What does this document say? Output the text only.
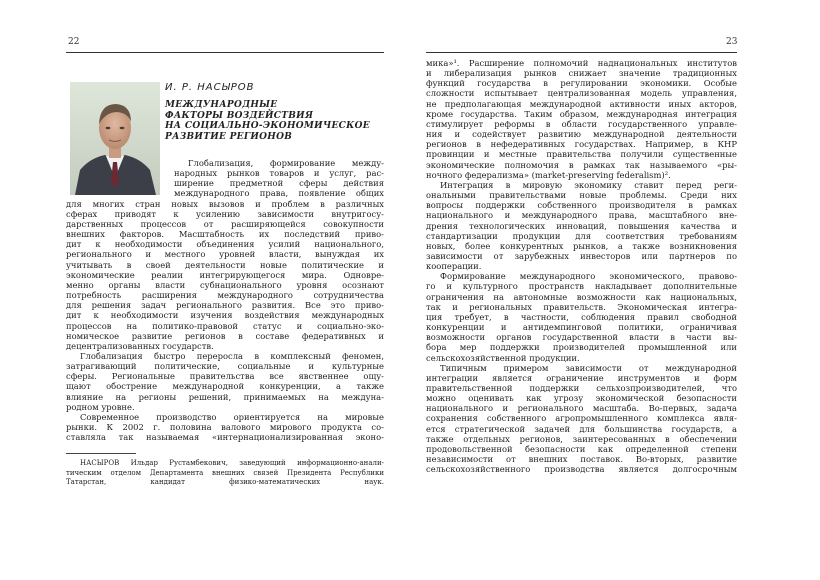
22	23
И. Р. НАСЫРОВ
МЕЖДУНАРОДНЫЕ
ФАКТОРЫ ВОЗДЕЙСТВИЯ
НА СОЦИАЛЬНО-ЭКОНОМИЧЕСКОЕ
РАЗВИТИЕ РЕГИОНОВ
Глобализация, формирование между-
народных рынков товаров и услуг, рас-
ширение предметной сферы действия
международного права, появление общих
для многих стран новых вызовов и проблем в различных
сферах приводят к усилению зависимости внутригосу-
дарственных процессов от расширяющейся совокупности
внешних факторов. Масштабность их последствий приво-
дит к необходимости объединения усилий национального,
регионального и местного уровней власти, вынуждая их
учитывать в своей деятельности новые политические и
экономические реалии интегрирующегося мира. Одновре-
менно органы власти субнационального уровня осознают
потребность расширения международного сотрудничества
для решения задач регионального развития. Все это приво-
дит к необходимости изучения воздействия международных
процессов на политико-правовой статус и социально-эко-
номическое развитие регионов в составе федеративных и
децентрализованных государств.
Глобализация быстро переросла в комплексный феномен,
затрагивающий политические, социальные и культурные
сферы. Региональные правительства все явственнее ощу-
щают обострение международной конкуренции, а также
влияние на регионы решений, принимаемых на междуна-
родном уровне.
Современное производство ориентируется на мировые
рынки. К 2002 г. половина валового мирового продукта со-
ставляла так называемая «интернационализированная эконо-
мика»¹. Расширение полномочий наднациональных институтов
и либерализация рынков снижает значение традиционных
функций государства в регулировании экономики. Особые
сложности испытывает централизованная модель управления,
не предполагающая международной активности иных акторов,
кроме государства. Таким образом, международная интеграция
стимулирует реформы в области государственного управле-
ния и содействует развитию международной деятельности
регионов в нефедеративных государствах. Например, в КНР
провинции и местные правительства получили существенные
экономические полномочия в рамках так называемого «ры-
ночного федерализма» (market-preserving federalism)².
Интеграция в мировую экономику ставит перед реги-
ональными правительствами новые проблемы. Среди них
вопросы поддержки собственного производителя в рамках
национального и международного права, масштабного вне-
дрения технологических инноваций, повышения качества и
стандартизации продукции для соответствия требованиям
новых, более конкурентных рынков, а также возникновения
зависимости от зарубежных инвесторов или партнеров по
кооперации.
Формирование международного экономического, правово-
го и культурного пространств накладывает дополнительные
ограничения на автономные возможности как национальных,
так и региональных правительств. Экономическая интегра-
ция требует, в частности, соблюдения правил свободной
конкуренции и антидемпинговой политики, ограничивая
возможности органов государственной власти в части вы-
бора мер поддержки производителей промышленной или
сельскохозяйственной продукции.
Типичным примером зависимости от международной
интеграции является ограничение инструментов и форм
правительственной поддержки сельхозпроизводителей, что
можно оценивать как угрозу экономической безопасности
национального и регионального масштаба. Во-первых, задача
сохранения собственного агропромышленного комплекса явля-
ется стратегической задачей для большинства государств, а
также отдельных регионов, заинтересованных в обеспечении
продовольственной безопасности как определенной степени
независимости от внешних поставок. Во-вторых, развитие
сельскохозяйственного производства является долгосрочным
НАСЫРОВ Ильдар Рустамбекович, заведующий информационно-анали-
тическим отделом Департамента внешних связей Президента Республики
Татарстан, кандидат физико-математических наук.
